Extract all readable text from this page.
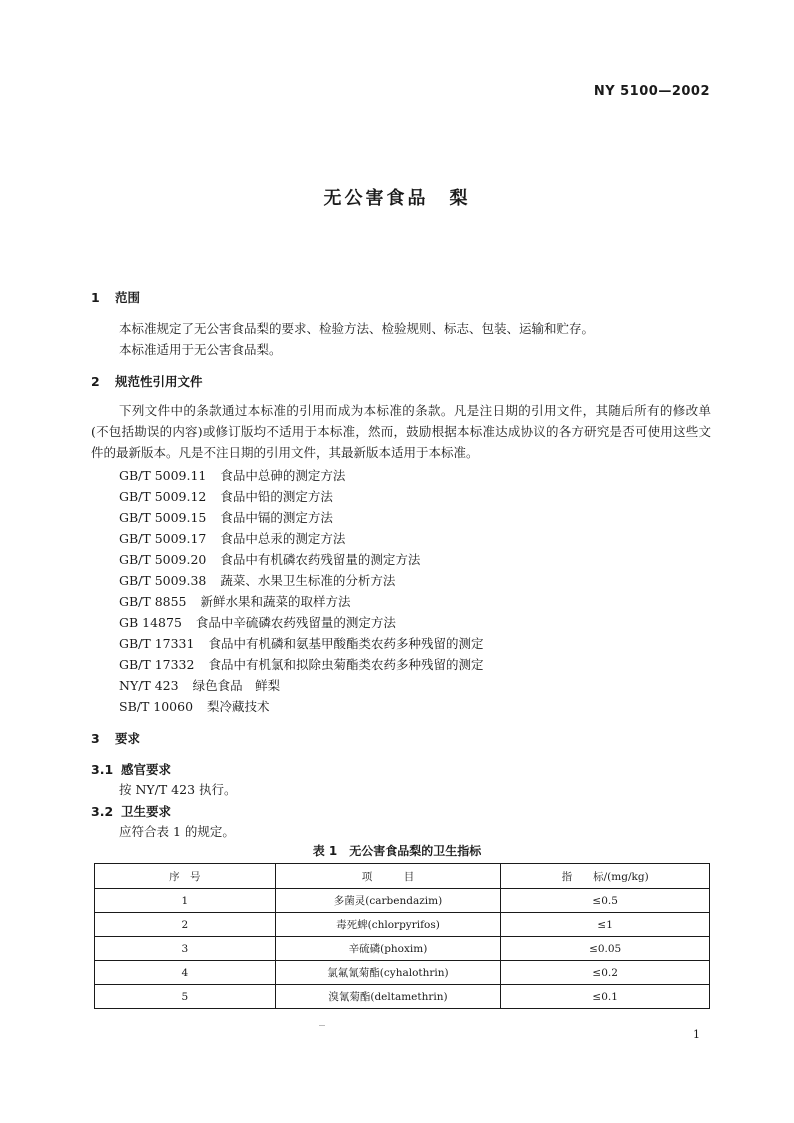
NY 5100—2002
无公害食品　梨
1 范围
本标准规定了无公害食品梨的要求、检验方法、检验规则、标志、包装、运输和贮存。
本标准适用于无公害食品梨。
2 规范性引用文件
下列文件中的条款通过本标准的引用而成为本标准的条款。凡是注日期的引用文件，其随后所有的修改单(不包括勘误的内容)或修订版均不适用于本标准，然而，鼓励根据本标准达成协议的各方研究是否可使用这些文件的最新版本。凡是不注日期的引用文件，其最新版本适用于本标准。
GB/T 5009.11 食品中总砷的测定方法
GB/T 5009.12 食品中铅的测定方法
GB/T 5009.15 食品中镉的测定方法
GB/T 5009.17 食品中总汞的测定方法
GB/T 5009.20 食品中有机磷农药残留量的测定方法
GB/T 5009.38 蔬菜、水果卫生标准的分析方法
GB/T 8855 新鲜水果和蔬菜的取样方法
GB 14875 食品中辛硫磷农药残留量的测定方法
GB/T 17331 食品中有机磷和氨基甲酸酯类农药多种残留的测定
GB/T 17332 食品中有机氯和拟除虫菊酯类农药多种残留的测定
NY/T 423 绿色食品　鲜梨
SB/T 10060 梨冷藏技术
3 要求
3.1 感官要求
按 NY/T 423 执行。
3.2 卫生要求
应符合表 1 的规定。
表 1　无公害食品梨的卫生指标
序　号	项　　　目	指　　标/(mg/kg)
1	多菌灵(carbendazim)	≤0.5
2	毒死蜱(chlorpyrifos)	≤1
3	辛硫磷(phoxim)	≤0.05
4	氯氟氰菊酯(cyhalothrin)	≤0.2
5	溴氰菊酯(deltamethrin)	≤0.1
1
